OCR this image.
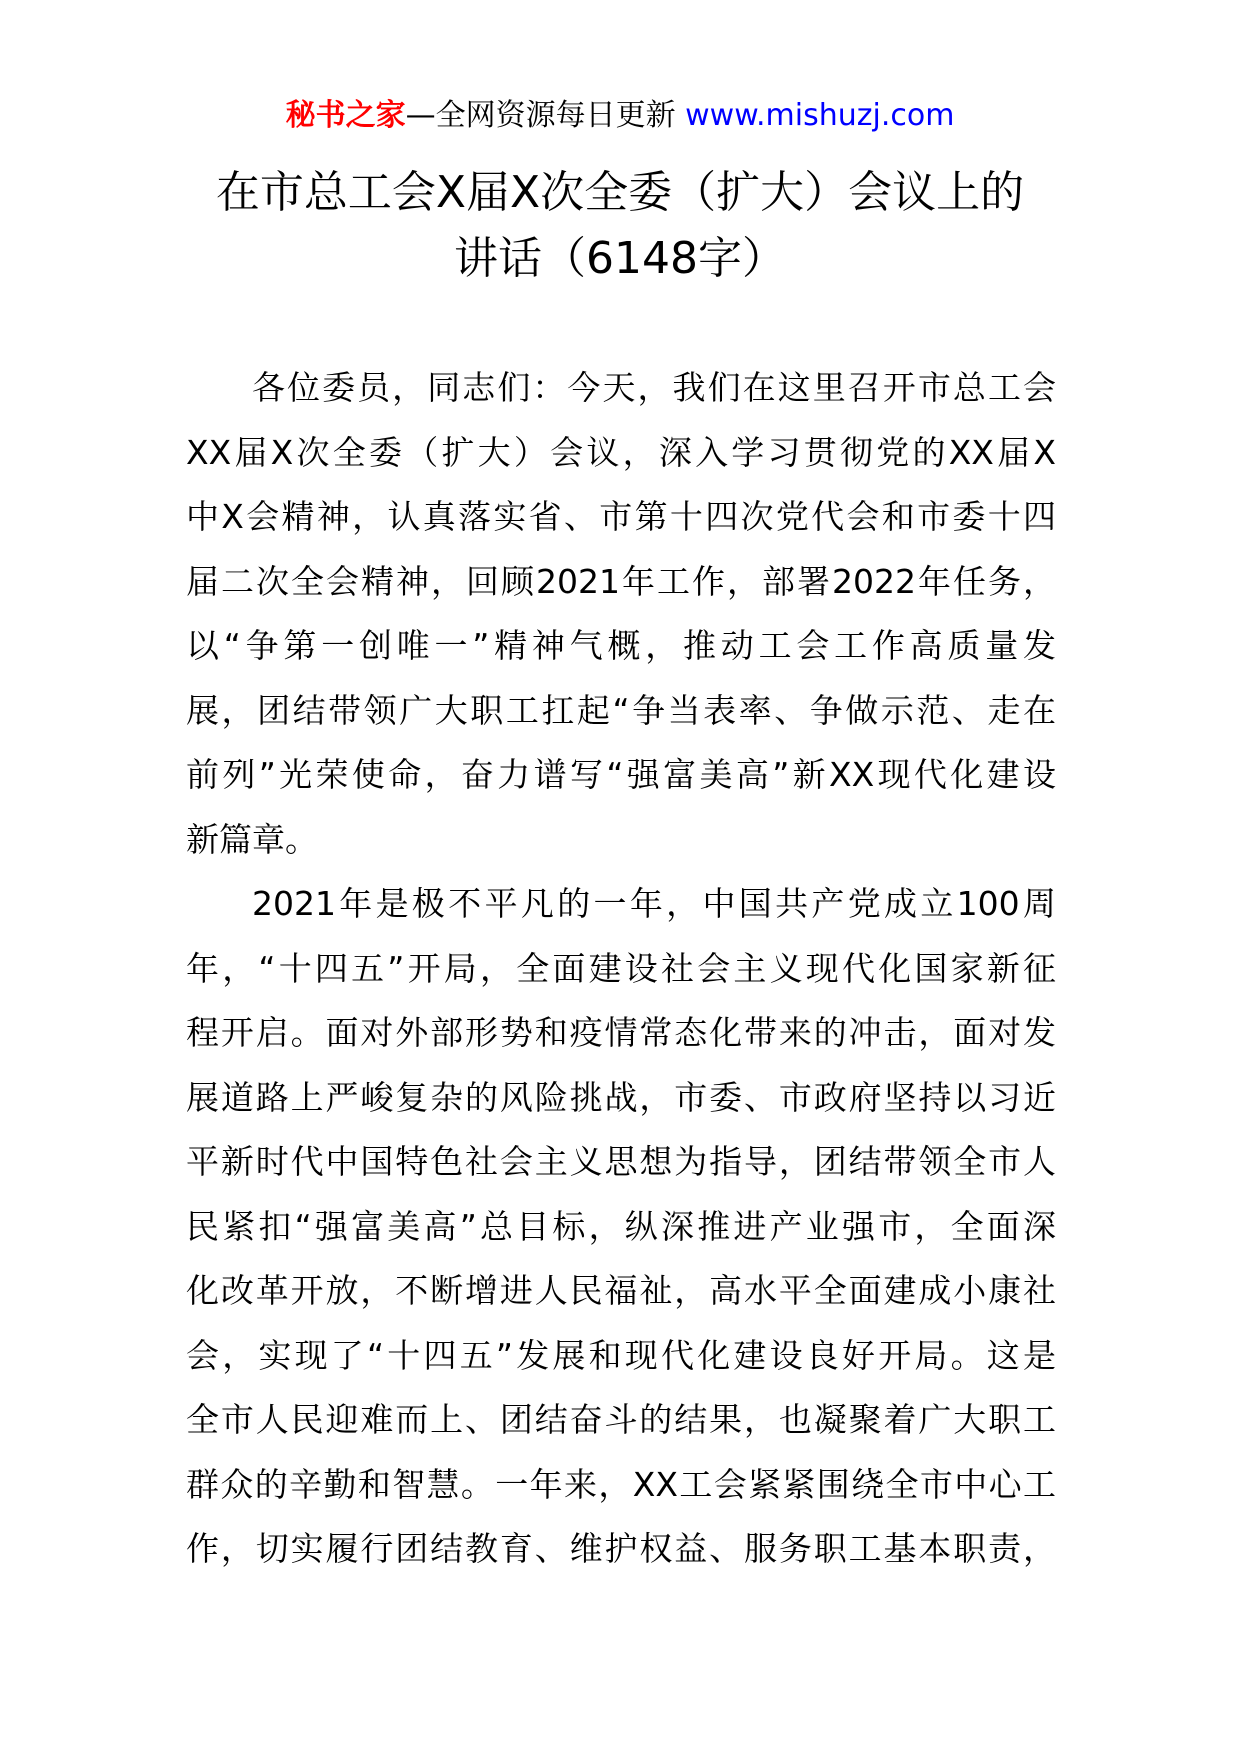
秘书之家—全网资源每日更新 www.mishuzj.com
在市总工会X届X次全委（扩大）会议上的
讲话（6148字）
各位委员，同志们：今天，我们在这里召开市总工会
XX届X次全委（扩大）会议，深入学习贯彻党的XX届X
中X会精神，认真落实省、市第十四次党代会和市委十四
届二次全会精神，回顾2021年工作，部署2022年任务，
以“争第一创唯一”精神气概，推动工会工作高质量发
展，团结带领广大职工扛起“争当表率、争做示范、走在
前列”光荣使命，奋力谱写“强富美高”新XX现代化建设
新篇章。
2021年是极不平凡的一年，中国共产党成立100周
年，“十四五”开局，全面建设社会主义现代化国家新征
程开启。面对外部形势和疫情常态化带来的冲击，面对发
展道路上严峻复杂的风险挑战，市委、市政府坚持以习近
平新时代中国特色社会主义思想为指导，团结带领全市人
民紧扣“强富美高”总目标，纵深推进产业强市，全面深
化改革开放，不断增进人民福祉，高水平全面建成小康社
会，实现了“十四五”发展和现代化建设良好开局。这是
全市人民迎难而上、团结奋斗的结果，也凝聚着广大职工
群众的辛勤和智慧。一年来，XX工会紧紧围绕全市中心工
作，切实履行团结教育、维护权益、服务职工基本职责，
